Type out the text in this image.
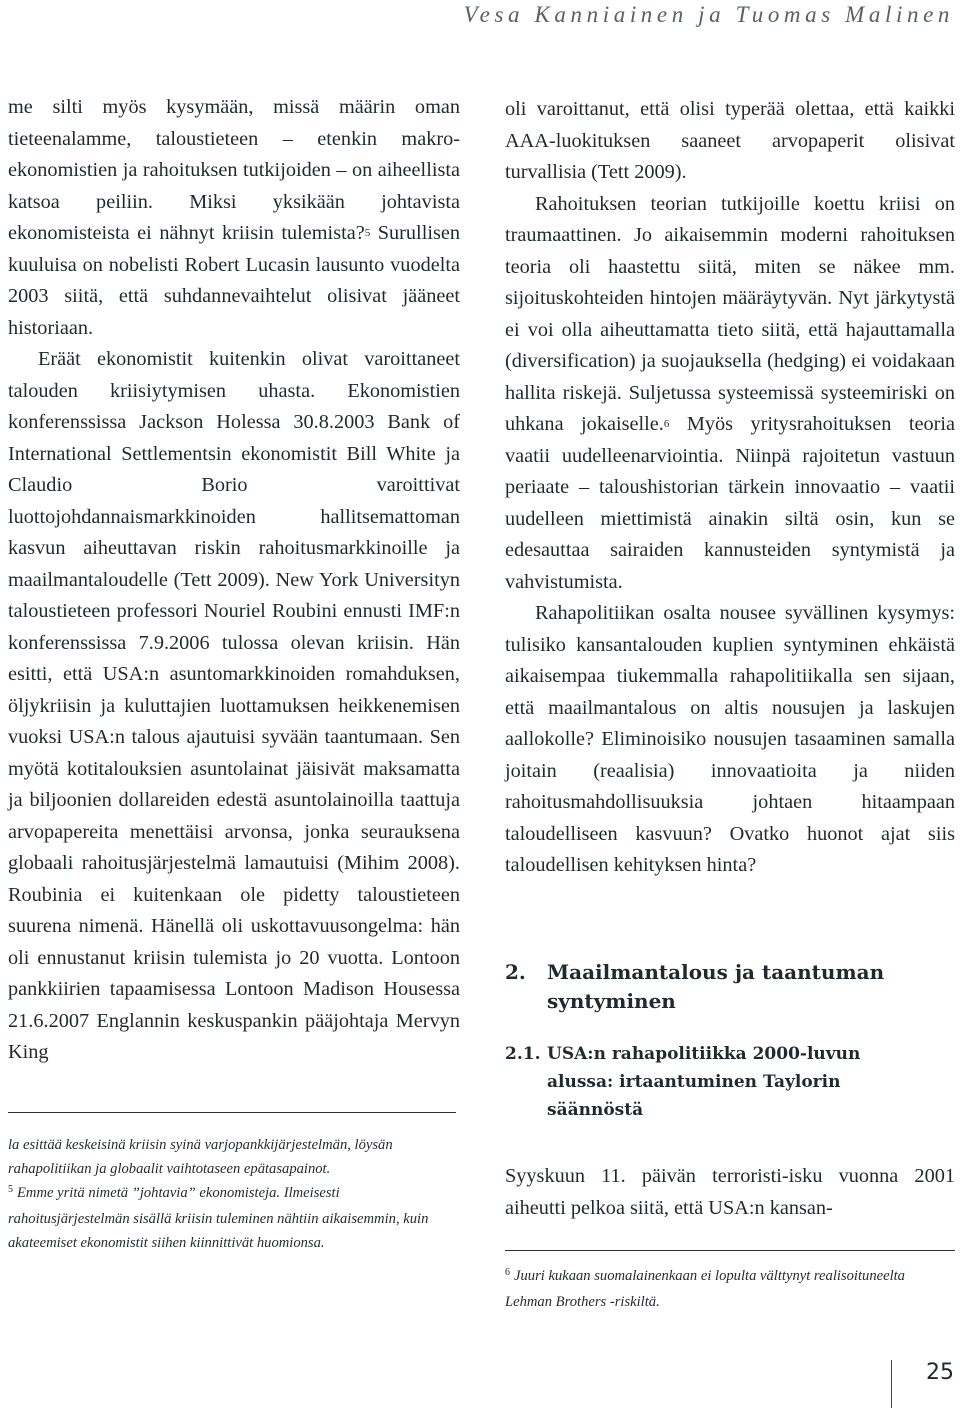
Vesa Kanniainen ja Tuomas Malinen

me silti myös kysymään, missä määrin oman tieteenalamme, taloustieteen – etenkin makro-ekonomistien ja rahoituksen tutkijoiden – on aiheellista katsoa peiliin. Miksi yksikään johtavista ekonomisteista ei nähnyt kriisin tulemista?$^5$ Surullisen kuuluisa on nobelisti Robert Lucasin lausunto vuodelta 2003 siitä, että suhdannevaihtelut olisivat jääneet historiaan.

Eräät ekonomistit kuitenkin olivat varoittaneet talouden kriisiytymisen uhasta. Ekonomistien konferenssissa Jackson Holessa 30.8.2003 Bank of International Settlementsin ekonomistit Bill White ja Claudio Borio varoittivat luottojohdannaismarkkinoiden hallitsemattoman kasvun aiheuttavan riskin rahoitusmarkkinoille ja maailmantaloudelle (Tett 2009). New York Universityn taloustieteen professori Nouriel Roubini ennusti IMF:n konferenssissa 7.9.2006 tulossa olevan kriisin. Hän esitti, että USA:n asuntomarkkinoiden romahduksen, öljykriisin ja kuluttajien luottamuksen heikkenemisen vuoksi USA:n talous ajautuisi syvään taantumaan. Sen myötä kotitalouksien asuntolainat jäisivät maksamatta ja biljoonien dollareiden edestä asuntolainoilla taattuja arvopapereita menettäisi arvonsa, jonka seurauksena globaali rahoitusjärjestelmä lamautuisi (Mihim 2008). Roubinia ei kuitenkaan ole pidetty taloustieteen suurena nimenä. Hänellä oli uskottavuusongelma: hän oli ennustanut kriisin tulemista jo 20 vuotta. Lontoon pankkiirien tapaamisessa Lontoon Madison Housessa 21.6.2007 Englannin keskuspankin pääjohtaja Mervyn King

la esittää keskeisinä kriisin syinä varjopankkijärjestelmän, löysän rahapolitiikan ja globaalit vaihtotaseen epätasapainot.

$^5$ Emme yritä nimetä ”johtavia” ekonomisteja. Ilmeisesti rahoitusjärjestelmän sisällä kriisin tuleminen nähtiin aikaisemmin, kuin akateemiset ekonomistit siihen kiinnittivät huomionsa.

oli varoittanut, että olisi typerää olettaa, että kaikki AAA-luokituksen saaneet arvopaperit olisivat turvallisia (Tett 2009).

Rahoituksen teorian tutkijoille koettu kriisi on traumaattinen. Jo aikaisemmin moderni rahoituksen teoria oli haastettu siitä, miten se näkee mm. sijoituskohteiden hintojen määräytyvän. Nyt järkytystä ei voi olla aiheuttamatta tieto siitä, että hajauttamalla (diversification) ja suojauksella (hedging) ei voidakaan hallita riskejä. Suljetussa systeemissä systeemiriski on uhkana jokaiselle.$^6$ Myös yritysrahoituksen teoria vaatii uudelleenarviointia. Niinpä rajoitetun vastuun periaate – taloushistorian tärkein innovaatio – vaatii uudelleen miettimistä ainakin siltä osin, kun se edesauttaa sairaiden kannusteiden syntymistä ja vahvistumista.

Rahapolitiikan osalta nousee syvällinen kysymys: tulisiko kansantalouden kuplien syntyminen ehkäistä aikaisempaa tiukemmalla rahapolitiikalla sen sijaan, että maailmantalous on altis nousujen ja laskujen aallokolle? Eliminoisiko nousujen tasaaminen samalla joitain (reaalisia) innovaatioita ja niiden rahoitusmahdollisuuksia johtaen hitaampaan taloudelliseen kasvuun? Ovatko huonot ajat siis taloudellisen kehityksen hinta?

2. Maailmantalous ja taantuman syntyminen
2.1. USA:n rahapolitiikka 2000-luvun alussa: irtaantuminen Taylorin säännöstä

Syyskuun 11. päivän terroristi-isku vuonna 2001 aiheutti pelkoa siitä, että USA:n kansan-

$^6$ Juuri kukaan suomalainenkaan ei lopulta välttynyt realisoituneelta Lehman Brothers -riskiltä.

25
